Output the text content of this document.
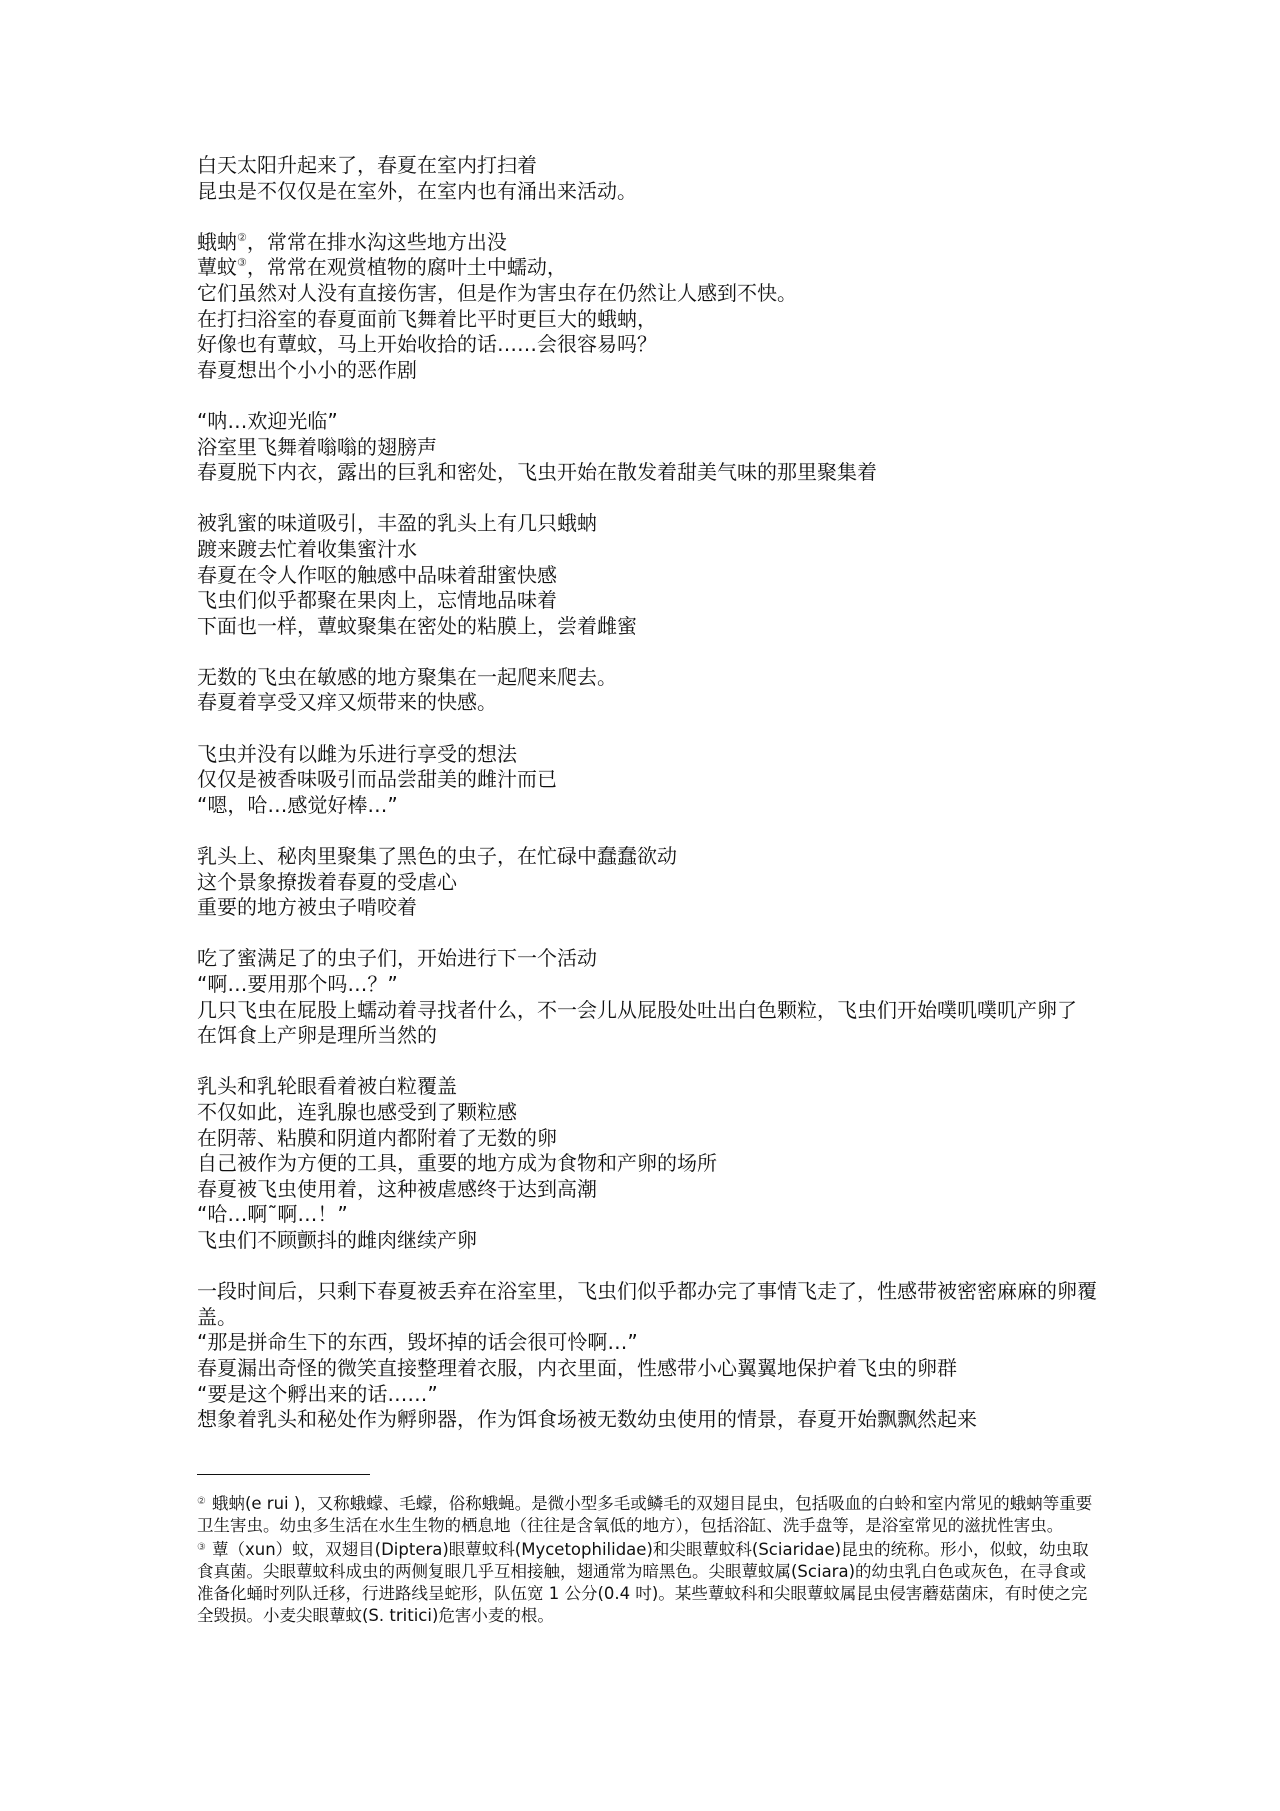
白天太阳升起来了，春夏在室内打扫着
昆虫是不仅仅是在室外，在室内也有涌出来活动。
蛾蚋②，常常在排水沟这些地方出没
蕈蚊③，常常在观赏植物的腐叶土中蠕动，
它们虽然对人没有直接伤害，但是作为害虫存在仍然让人感到不快。
在打扫浴室的春夏面前飞舞着比平时更巨大的蛾蚋，
好像也有蕈蚊，马上开始收拾的话……会很容易吗？
春夏想出个小小的恶作剧
“呐…欢迎光临”
浴室里飞舞着嗡嗡的翅膀声
春夏脱下内衣，露出的巨乳和密处，飞虫开始在散发着甜美气味的那里聚集着
被乳蜜的味道吸引，丰盈的乳头上有几只蛾蚋
踱来踱去忙着收集蜜汁水
春夏在令人作呕的触感中品味着甜蜜快感
飞虫们似乎都聚在果肉上，忘情地品味着
下面也一样，蕈蚊聚集在密处的粘膜上，尝着雌蜜
无数的飞虫在敏感的地方聚集在一起爬来爬去。
春夏着享受又痒又烦带来的快感。
飞虫并没有以雌为乐进行享受的想法
仅仅是被香味吸引而品尝甜美的雌汁而已
“嗯，哈…感觉好棒…”
乳头上、秘肉里聚集了黑色的虫子，在忙碌中蠢蠢欲动
这个景象撩拨着春夏的受虐心
重要的地方被虫子啃咬着
吃了蜜满足了的虫子们，开始进行下一个活动
“啊…要用那个吗…？”
几只飞虫在屁股上蠕动着寻找者什么，不一会儿从屁股处吐出白色颗粒，飞虫们开始噗叽噗叽产卵了
在饵食上产卵是理所当然的
乳头和乳轮眼看着被白粒覆盖
不仅如此，连乳腺也感受到了颗粒感
在阴蒂、粘膜和阴道内都附着了无数的卵
自己被作为方便的工具，重要的地方成为食物和产卵的场所
春夏被飞虫使用着，这种被虐感终于达到高潮
“哈…啊˜啊…！”
飞虫们不顾颤抖的雌肉继续产卵
一段时间后，只剩下春夏被丢弃在浴室里，飞虫们似乎都办完了事情飞走了，性感带被密密麻麻的卵覆盖。
“那是拼命生下的东西，毁坏掉的话会很可怜啊…”
春夏漏出奇怪的微笑直接整理着衣服，内衣里面，性感带小心翼翼地保护着飞虫的卵群
“要是这个孵出来的话……”
想象着乳头和秘处作为孵卵器，作为饵食场被无数幼虫使用的情景，春夏开始飘飘然起来
② 蛾蚋(e rui )，又称蛾蠓、毛蠓，俗称蛾蝇。是微小型多毛或鳞毛的双翅目昆虫，包括吸血的白蛉和室内常见的蛾蚋等重要卫生害虫。幼虫多生活在水生生物的栖息地（往往是含氧低的地方），包括浴缸、洗手盘等，是浴室常见的滋扰性害虫。
③ 蕈（xun）蚊，双翅目(Diptera)眼蕈蚊科(Mycetophilidae)和尖眼蕈蚊科(Sciaridae)昆虫的统称。形小，似蚊，幼虫取食真菌。尖眼蕈蚊科成虫的两侧复眼几乎互相接触，翅通常为暗黑色。尖眼蕈蚊属(Sciara)的幼虫乳白色或灰色，在寻食或准备化蛹时列队迁移，行进路线呈蛇形，队伍宽 1 公分(0.4 吋)。某些蕈蚊科和尖眼蕈蚊属昆虫侵害蘑菇菌床，有时使之完全毁损。小麦尖眼蕈蚊(S. tritici)危害小麦的根。
